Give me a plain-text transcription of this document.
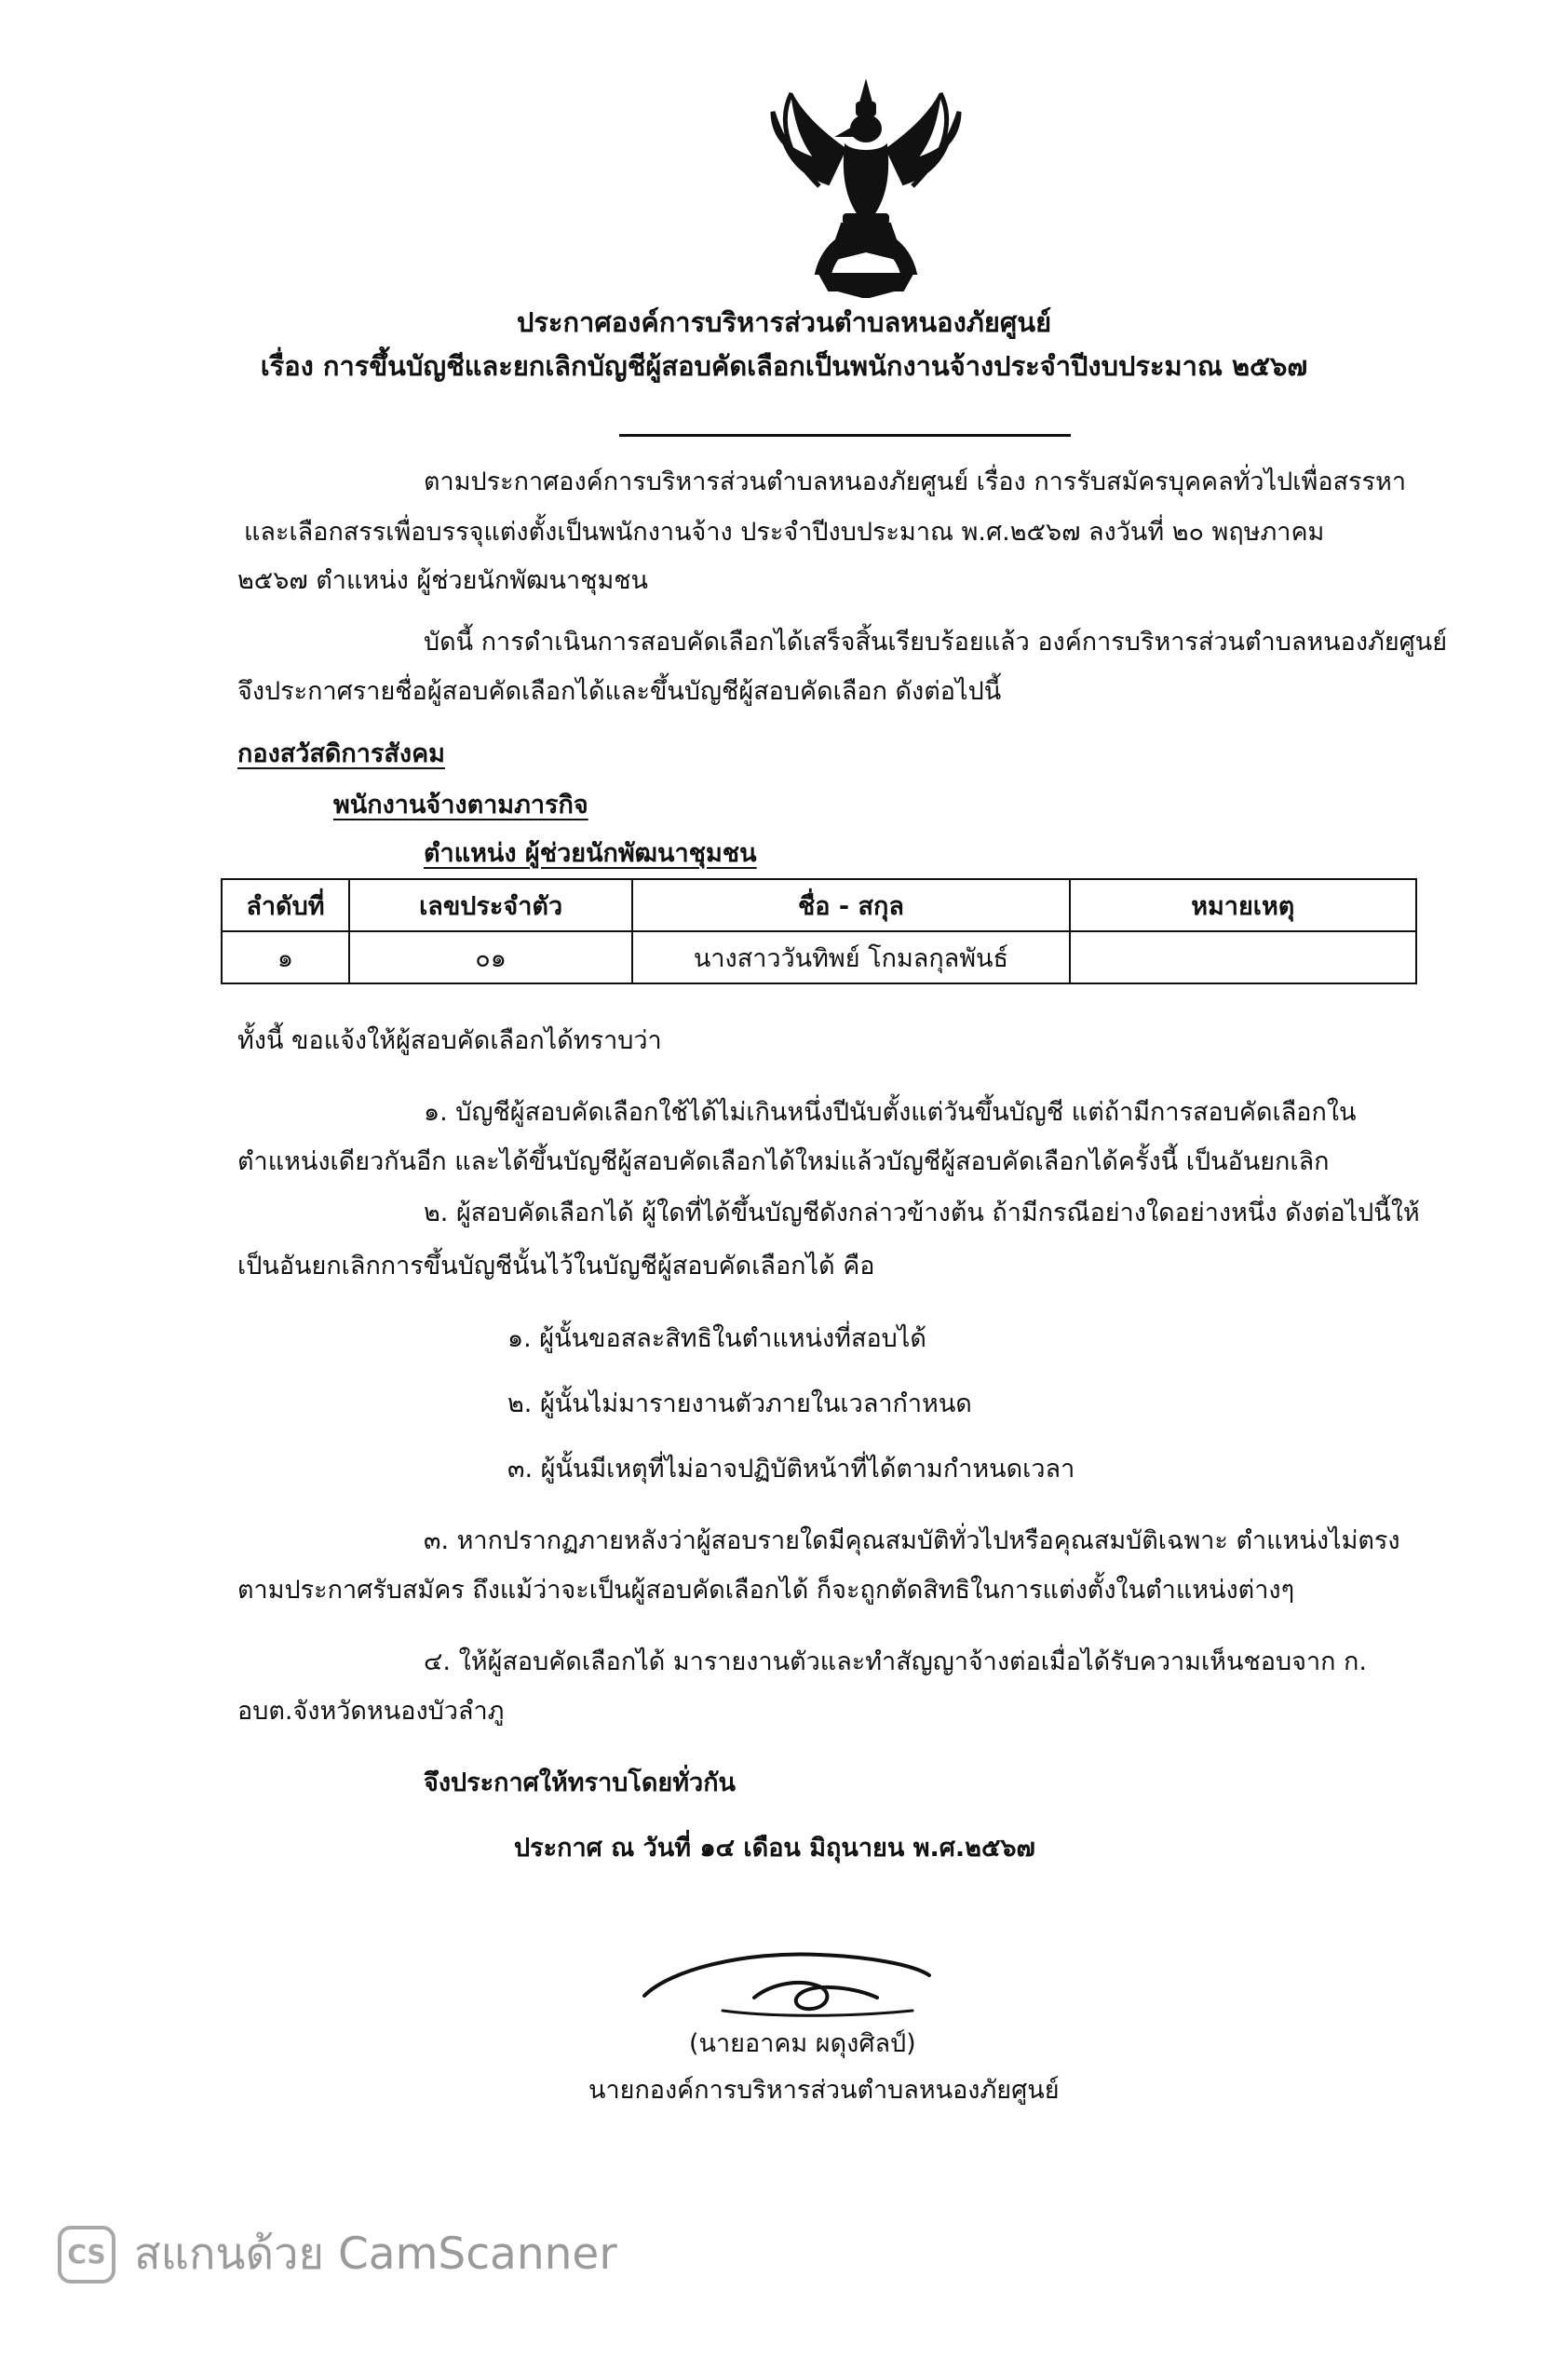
ประกาศองค์การบริหารส่วนตำบลหนองภัยศูนย์
เรื่อง การขึ้นบัญชีและยกเลิกบัญชีผู้สอบคัดเลือกเป็นพนักงานจ้างประจำปีงบประมาณ ๒๕๖๗
ตามประกาศองค์การบริหารส่วนตำบลหนองภัยศูนย์ เรื่อง การรับสมัครบุคคลทั่วไปเพื่อสรรหา
และเลือกสรรเพื่อบรรจุแต่งตั้งเป็นพนักงานจ้าง ประจำปีงบประมาณ พ.ศ.๒๕๖๗ ลงวันที่ ๒๐ พฤษภาคม
๒๕๖๗ ตำแหน่ง ผู้ช่วยนักพัฒนาชุมชน
บัดนี้ การดำเนินการสอบคัดเลือกได้เสร็จสิ้นเรียบร้อยแล้ว องค์การบริหารส่วนตำบลหนองภัยศูนย์
จึงประกาศรายชื่อผู้สอบคัดเลือกได้และขึ้นบัญชีผู้สอบคัดเลือก ดังต่อไปนี้
กองสวัสดิการสังคม
พนักงานจ้างตามภารกิจ
ตำแหน่ง ผู้ช่วยนักพัฒนาชุมชน
ลำดับที่	เลขประจำตัว	ชื่อ - สกุล	หมายเหตุ
๑	๐๑	นางสาววันทิพย์ โกมลกุลพันธ์	
ทั้งนี้ ขอแจ้งให้ผู้สอบคัดเลือกได้ทราบว่า
๑. บัญชีผู้สอบคัดเลือกใช้ได้ไม่เกินหนึ่งปีนับตั้งแต่วันขึ้นบัญชี แต่ถ้ามีการสอบคัดเลือกใน
ตำแหน่งเดียวกันอีก และได้ขึ้นบัญชีผู้สอบคัดเลือกได้ใหม่แล้วบัญชีผู้สอบคัดเลือกได้ครั้งนี้ เป็นอันยกเลิก
๒. ผู้สอบคัดเลือกได้ ผู้ใดที่ได้ขึ้นบัญชีดังกล่าวข้างต้น ถ้ามีกรณีอย่างใดอย่างหนึ่ง ดังต่อไปนี้ให้
เป็นอันยกเลิกการขึ้นบัญชีนั้นไว้ในบัญชีผู้สอบคัดเลือกได้ คือ
๑. ผู้นั้นขอสละสิทธิในตำแหน่งที่สอบได้
๒. ผู้นั้นไม่มารายงานตัวภายในเวลากำหนด
๓. ผู้นั้นมีเหตุที่ไม่อาจปฏิบัติหน้าที่ได้ตามกำหนดเวลา
๓. หากปรากฏภายหลังว่าผู้สอบรายใดมีคุณสมบัติทั่วไปหรือคุณสมบัติเฉพาะ ตำแหน่งไม่ตรง
ตามประกาศรับสมัคร ถึงแม้ว่าจะเป็นผู้สอบคัดเลือกได้ ก็จะถูกตัดสิทธิในการแต่งตั้งในตำแหน่งต่างๆ
๔. ให้ผู้สอบคัดเลือกได้ มารายงานตัวและทำสัญญาจ้างต่อเมื่อได้รับความเห็นชอบจาก ก.
อบต.จังหวัดหนองบัวลำภู
จึงประกาศให้ทราบโดยทั่วกัน
ประกาศ ณ วันที่ ๑๔ เดือน มิถุนายน พ.ศ.๒๕๖๗
(นายอาคม ผดุงศิลป์)
นายกองค์การบริหารส่วนตำบลหนองภัยศูนย์
CS สแกนด้วย CamScanner
